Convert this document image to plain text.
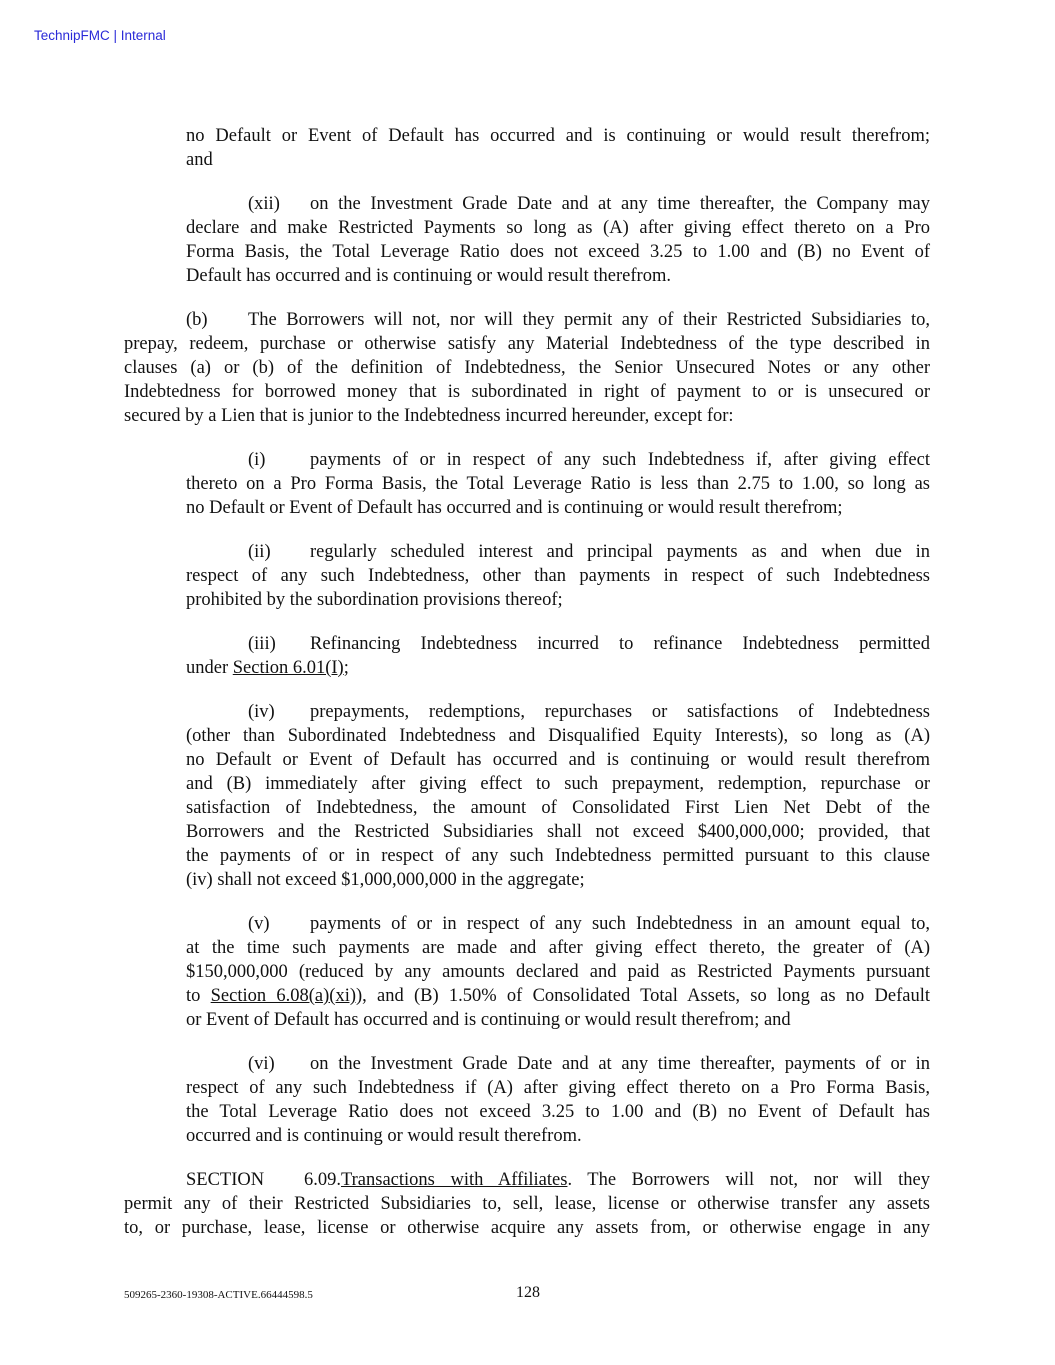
TechnipFMC | Internal
no Default or Event of Default has occurred and is continuing or would result therefrom;
and
(xii) on the Investment Grade Date and at any time thereafter, the Company may
declare and make Restricted Payments so long as (A) after giving effect thereto on a Pro
Forma Basis, the Total Leverage Ratio does not exceed 3.25 to 1.00 and (B) no Event of
Default has occurred and is continuing or would result therefrom.
(b) The Borrowers will not, nor will they permit any of their Restricted Subsidiaries to,
prepay, redeem, purchase or otherwise satisfy any Material Indebtedness of the type described in
clauses (a) or (b) of the definition of Indebtedness, the Senior Unsecured Notes or any other
Indebtedness for borrowed money that is subordinated in right of payment to or is unsecured or
secured by a Lien that is junior to the Indebtedness incurred hereunder, except for:
(i) payments of or in respect of any such Indebtedness if, after giving effect
thereto on a Pro Forma Basis, the Total Leverage Ratio is less than 2.75 to 1.00, so long as
no Default or Event of Default has occurred and is continuing or would result therefrom;
(ii) regularly scheduled interest and principal payments as and when due in
respect of any such Indebtedness, other than payments in respect of such Indebtedness
prohibited by the subordination provisions thereof;
(iii) Refinancing Indebtedness incurred to refinance Indebtedness permitted
under Section 6.01(I);
(iv) prepayments, redemptions, repurchases or satisfactions of Indebtedness
(other than Subordinated Indebtedness and Disqualified Equity Interests), so long as (A)
no Default or Event of Default has occurred and is continuing or would result therefrom
and (B) immediately after giving effect to such prepayment, redemption, repurchase or
satisfaction of Indebtedness, the amount of Consolidated First Lien Net Debt of the
Borrowers and the Restricted Subsidiaries shall not exceed $400,000,000; provided, that
the payments of or in respect of any such Indebtedness permitted pursuant to this clause
(iv) shall not exceed $1,000,000,000 in the aggregate;
(v) payments of or in respect of any such Indebtedness in an amount equal to,
at the time such payments are made and after giving effect thereto, the greater of (A)
$150,000,000 (reduced by any amounts declared and paid as Restricted Payments pursuant
to Section 6.08(a)(xi)), and (B) 1.50% of Consolidated Total Assets, so long as no Default
or Event of Default has occurred and is continuing or would result therefrom; and
(vi) on the Investment Grade Date and at any time thereafter, payments of or in
respect of any such Indebtedness if (A) after giving effect thereto on a Pro Forma Basis,
the Total Leverage Ratio does not exceed 3.25 to 1.00 and (B) no Event of Default has
occurred and is continuing or would result therefrom.
SECTION 6.09.Transactions with Affiliates. The Borrowers will not, nor will they
permit any of their Restricted Subsidiaries to, sell, lease, license or otherwise transfer any assets
to, or purchase, lease, license or otherwise acquire any assets from, or otherwise engage in any
509265-2360-19308-ACTIVE.66444598.5	128
